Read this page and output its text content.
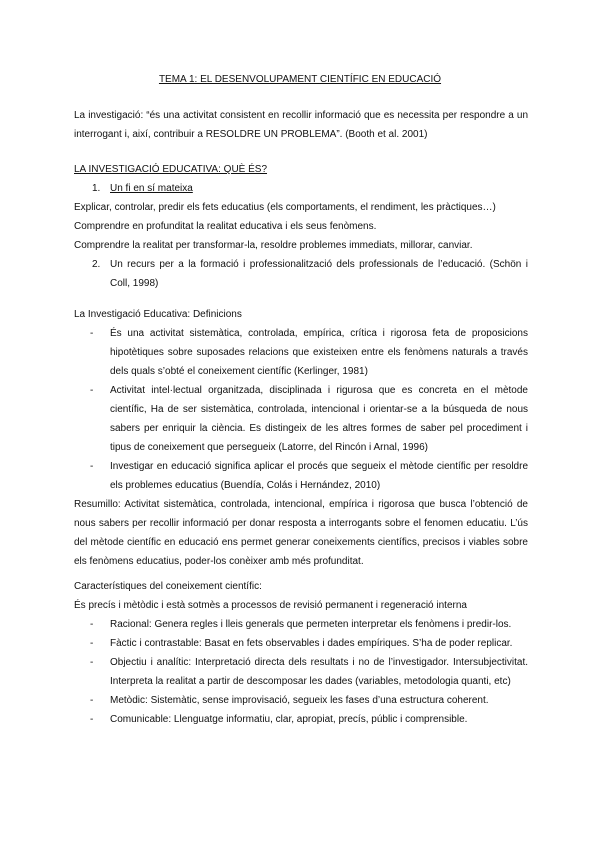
TEMA 1: EL DESENVOLUPAMENT CIENTÍFIC EN EDUCACIÓ

La investigació: “és una activitat consistent en recollir informació que es necessita per respondre a un interrogant i, així, contribuir a RESOLDRE UN PROBLEMA”. (Booth et al. 2001)

LA INVESTIGACIÓ EDUCATIVA: QUÈ ÉS?

1. Un fi en sí mateixa

Explicar, controlar, predir els fets educatius (els comportaments, el rendiment, les pràctiques…)

Comprendre en profunditat la realitat educativa i els seus fenòmens.

Comprendre la realitat per transformar-la, resoldre problemes immediats, millorar, canviar.

2. Un recurs per a la formació i professionalització dels professionals de l’educació. (Schön i Coll, 1998)

La Investigació Educativa: Definicions

-	És una activitat sistemàtica, controlada, empírica, crítica i rigorosa feta de proposicions hipotètiques sobre suposades relacions que existeixen entre els fenòmens naturals a través dels quals s’obté el coneixement científic (Kerlinger, 1981)
-	Activitat intel·lectual organitzada, disciplinada i rigurosa que es concreta en el mètode científic, Ha de ser sistemàtica, controlada, intencional i orientar-se a la búsqueda de nous sabers per enriquir la ciència. Es distingeix de les altres formes de saber pel procediment i tipus de coneixement que persegueix (Latorre, del Rincón i Arnal, 1996)
-	Investigar en educació significa aplicar el procés que segueix el mètode científic per resoldre els problemes educatius (Buendía, Colás i Hernández, 2010)

Resumillo: Activitat sistemàtica, controlada, intencional, empírica i rigorosa que busca l’obtenció de nous sabers per recollir informació per donar resposta a interrogants sobre el fenomen educatiu. L’ús del mètode científic en educació ens permet generar coneixements científics, precisos i viables sobre els fenòmens educatius, poder-los conèixer amb més profunditat.

Característiques del coneixement científic:

És precís i mètòdic i està sotmès a processos de revisió permanent i regeneració interna

-	Racional: Genera regles i lleis generals que permeten interpretar els fenòmens i predir-los.
-	Fàctic i contrastable: Basat en fets observables i dades empíriques. S’ha de poder replicar.
-	Objectiu i analític: Interpretació directa dels resultats i no de l’investigador. Intersubjectivitat. Interpreta la realitat a partir de descomposar les dades (variables, metodologia quanti, etc)
-	Metòdic: Sistemàtic, sense improvisació, segueix les fases d’una estructura coherent.
-	Comunicable: Llenguatge informatiu, clar, apropiat, precís, públic i comprensible.
